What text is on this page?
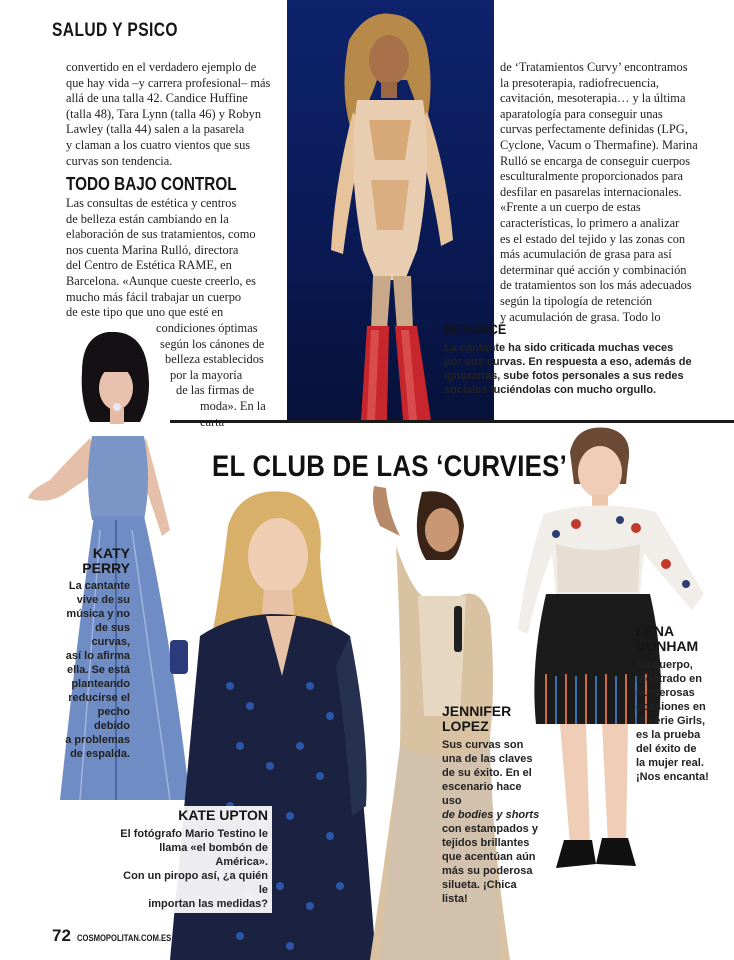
SALUD Y PSICO

convertido en el verdadero ejemplo de

que hay vida –y carrera profesional– más

allá de una talla 42. Candice Huffine

(talla 48), Tara Lynn (talla 46) y Robyn

Lawley (talla 44) salen a la pasarela

y claman a los cuatro vientos que sus

curvas son tendencia.

TODO BAJO CONTROL

Las consultas de estética y centros

de belleza están cambiando en la

elaboración de sus tratamientos, como

nos cuenta Marina Rulló, directora

del Centro de Estética RAME, en

Barcelona. «Aunque cueste creerlo, es

mucho más fácil trabajar un cuerpo

de este tipo que uno que esté en

condiciones óptimas

según los cánones de

belleza establecidos

por la mayoría

de las firmas de

moda». En la

de ‘Tratamientos Curvy’ encontramos

la presoterapia, radiofrecuencia,

cavitación, mesoterapia… y la última

aparatología para conseguir unas

curvas perfectamente definidas (LPG,

Cyclone, Vacum o Thermafine). Marina

Rulló se encarga de conseguir cuerpos

esculturalmente proporcionados para

desfilar en pasarelas internacionales.

«Frente a un cuerpo de estas

características, lo primero a analizar

es el estado del tejido y las zonas con

más acumulación de grasa para así

determinar qué acción y combinación

de tratamientos son los más adecuados

según la tipología de retención

y acumulación de grasa. Todo lo

BEYONCÉ
La cantante ha sido criticada muchas veces
por sus curvas. En respuesta a eso, además de
ignorarlas, sube fotos personales a sus redes
sociales luciéndolas con mucho orgullo.
EL CLUB DE LAS ‘CURVIES’
KATY
PERRY
La cantante
vive de su
música y no
de sus curvas,
así lo afirma
ella. Se está
planteando
reducirse el
pecho debido
a problemas
de espalda.
KATE UPTON
El fotógrafo Mario Testino le
llama «el bombón de América».
Con un piropo así, ¿a quién le
importan las medidas?
JENNIFER
LOPEZ
Sus curvas son
una de las claves
de su éxito. En el
escenario hace uso
de bodies y shorts
con estampados y
tejidos brillantes
que acentúan aún
más su poderosa
silueta. ¡Chica lista!
LENA
DUNHAM
Su cuerpo,
mostrado en
numerosas
ocasiones en
la serie Girls,
es la prueba
del éxito de
la mujer real.
¡Nos encanta!
72 COSMOPOLITAN.COM.ES
